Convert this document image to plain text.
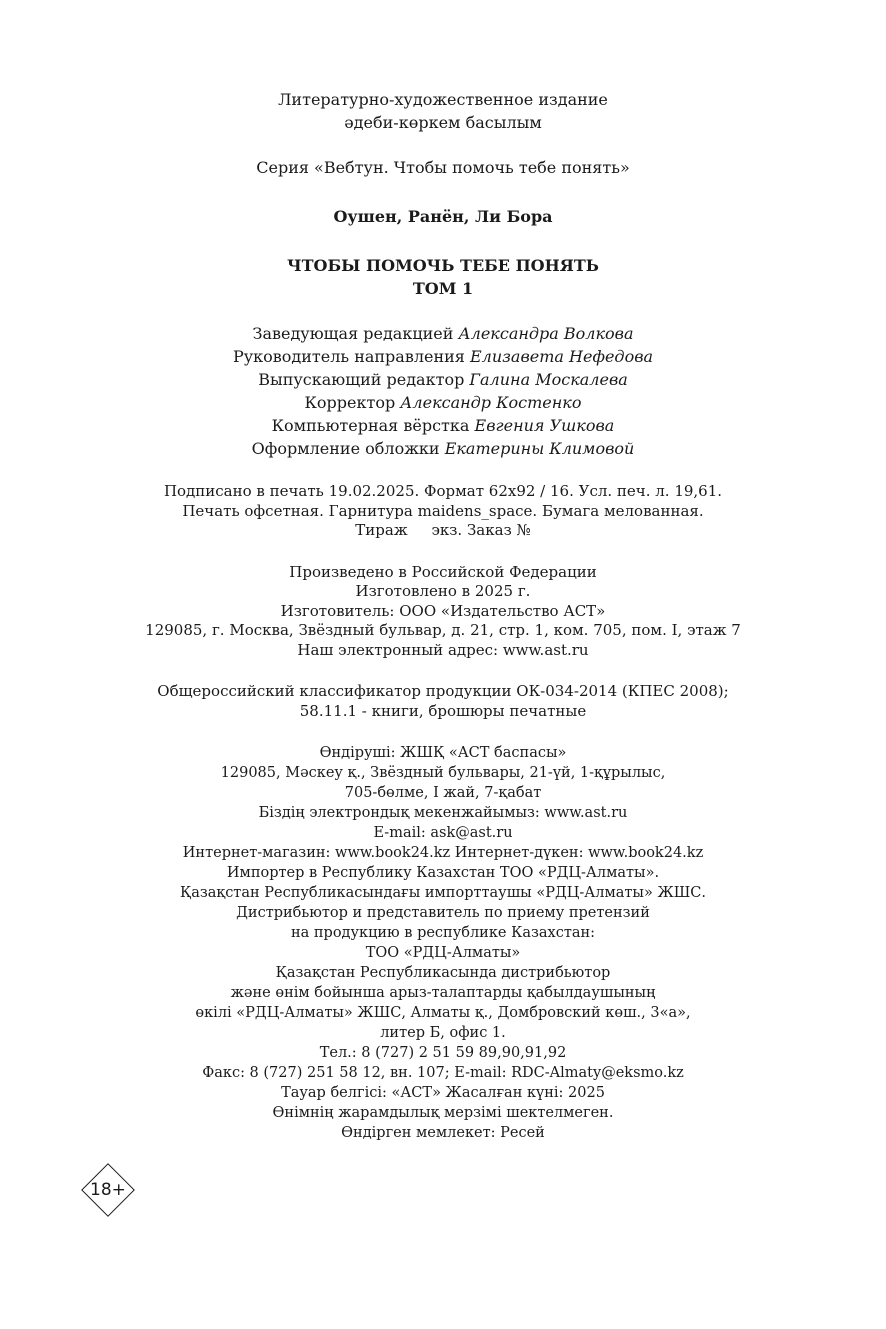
Литературно-художественное издание
әдеби-көркем басылым
Серия «Вебтун. Чтобы помочь тебе понять»
Оушен, Ранён, Ли Бора
ЧТОБЫ ПОМОЧЬ ТЕБЕ ПОНЯТЬ
ТОМ 1
Заведующая редакцией Александра Волкова
Руководитель направления Елизавета Нефедова
Выпускающий редактор Галина Москалева
Корректор Александр Костенко
Компьютерная вёрстка Евгения Ушкова
Оформление обложки Екатерины Климовой
Подписано в печать 19.02.2025. Формат 62x92 / 16. Усл. печ. л. 19,61.
Печать офсетная. Гарнитура maidens_space. Бумага мелованная.
Тираж     экз. Заказ №
Произведено в Российской Федерации
Изготовлено в 2025 г.
Изготовитель: ООО «Издательство АСТ»
129085, г. Москва, Звёздный бульвар, д. 21, стр. 1, ком. 705, пом. I, этаж 7
Наш электронный адрес: www.ast.ru
Общероссийский классификатор продукции ОК-034-2014 (КПЕС 2008);
58.11.1 - книги, брошюры печатные
Өндіруші: ЖШҚ «АСТ баспасы»
129085, Мәскеу қ., Звёздный бульвары, 21-үй, 1-құрылыс,
705-бөлме, I жай, 7-қабат
Біздің электрондық мекенжайымыз: www.ast.ru
E-mail: ask@ast.ru
Интернет-магазин: www.book24.kz Интернет-дүкен: www.book24.kz
Импортер в Республику Казахстан ТОО «РДЦ-Алматы».
Қазақстан Республикасындағы импорттаушы «РДЦ-Алматы» ЖШС.
Дистрибьютор и представитель по приему претензий
на продукцию в республике Казахстан:
ТОО «РДЦ-Алматы»
Қазақстан Республикасында дистрибьютор
және өнім бойынша арыз-талаптарды қабылдаушының
өкілі «РДЦ-Алматы» ЖШС, Алматы қ., Домбровский көш., 3«а»,
литер Б, офис 1.
Тел.: 8 (727) 2 51 59 89,90,91,92
Факс: 8 (727) 251 58 12, вн. 107; E-mail: RDC-Almaty@eksmo.kz
Тауар белгісі: «АСТ» Жасалған күні: 2025
Өнімнің жарамдылық мерзімі шектелмеген.
Өндірген мемлекет: Ресей
18+
